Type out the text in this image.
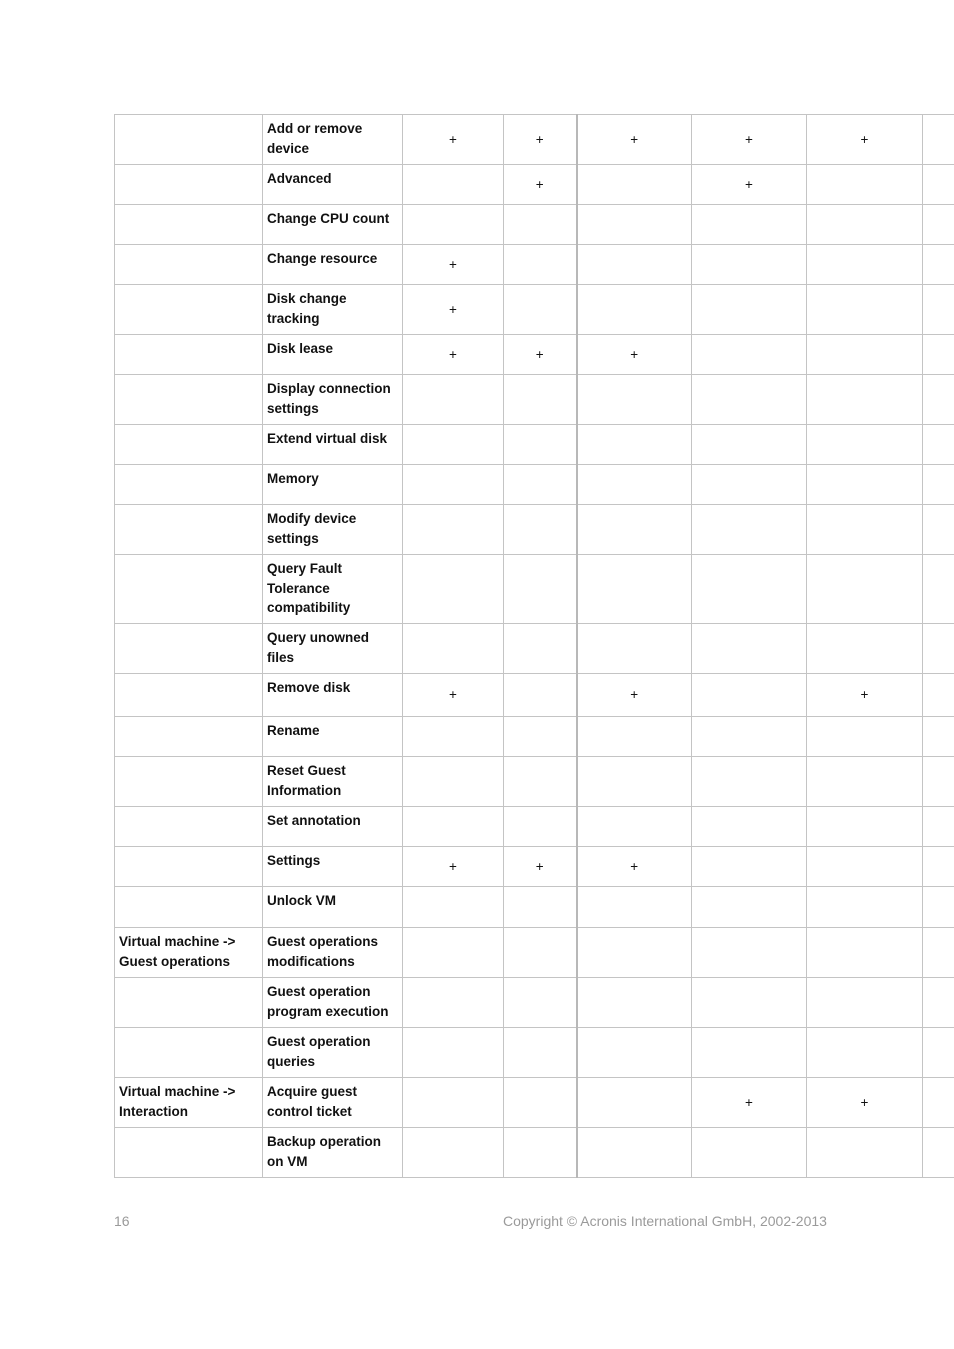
	Add or remove device	+	+	+	+	+	
	Advanced		+		+		
	Change CPU count						
	Change resource	+					
	Disk change tracking	+					
	Disk lease	+	+	+			
	Display connection settings						
	Extend virtual disk						
	Memory						
	Modify device settings						
	Query Fault Tolerance compatibility						
	Query unowned files						
	Remove disk	+		+		+	
	Rename						
	Reset Guest Information						
	Set annotation						
	Settings	+	+	+			
	Unlock VM						
Virtual machine -> Guest operations	Guest operations modifications						
	Guest operation program execution						
	Guest operation queries						
Virtual machine -> Interaction	Acquire guest control ticket				+	+	
	Backup operation on VM						
16	Copyright © Acronis International GmbH, 2002-2013
